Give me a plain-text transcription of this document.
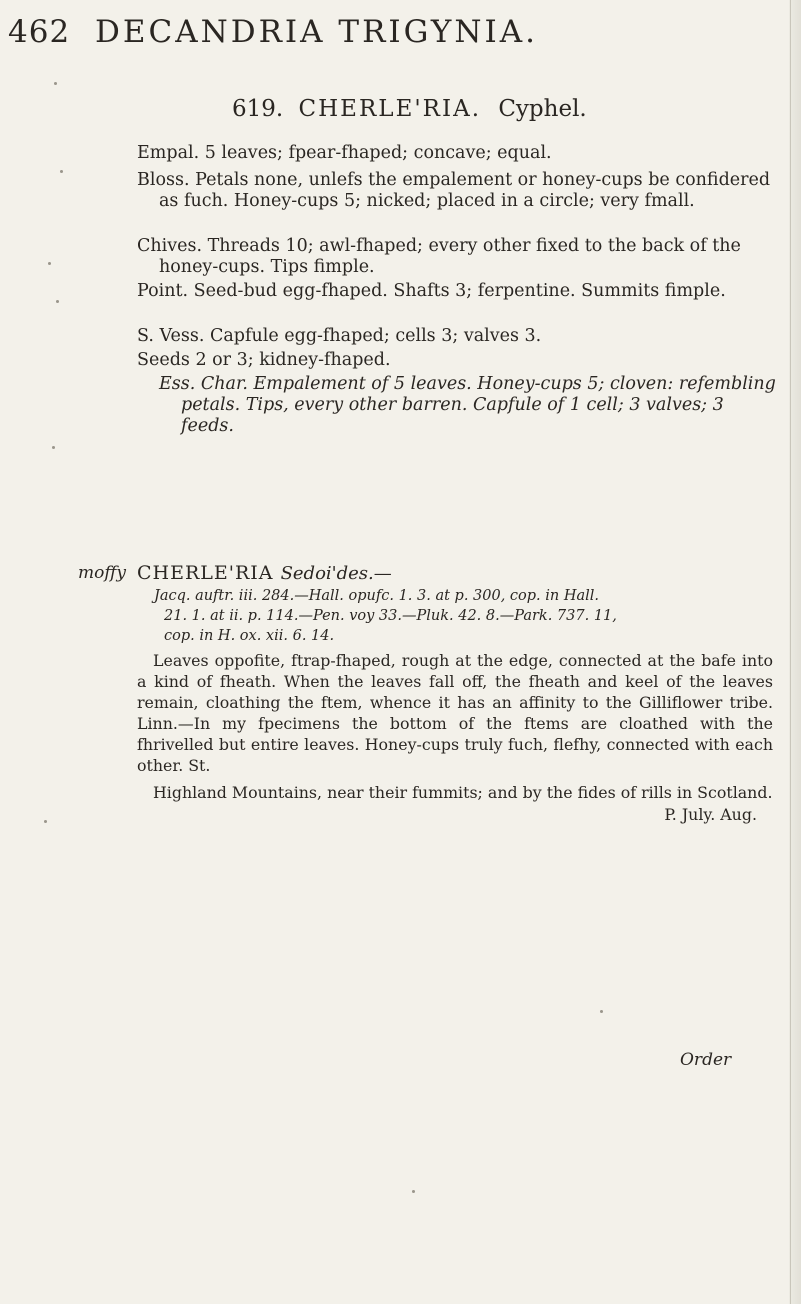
462 DECANDRIA TRIGYNIA.
619. CHERLE'RIA. Cyphel.

Empal. 5 leaves; fpear-fhaped; concave; equal.

Bloss. Petals none, unlefs the empalement or honey-cups be confidered as fuch. Honey-cups 5; nicked; placed in a circle; very fmall.

Chives. Threads 10; awl-fhaped; every other fixed to the back of the honey-cups. Tips fimple.

Point. Seed-bud egg-fhaped. Shafts 3; ferpentine. Summits fimple.

S. Vess. Capfule egg-fhaped; cells 3; valves 3.

Seeds 2 or 3; kidney-fhaped.

Ess. Char. Empalement of 5 leaves. Honey-cups 5; cloven: refembling petals. Tips, every other barren. Capfule of 1 cell; 3 valves; 3 feeds.

moffy CHERLE'RIA Sedoi'des.—

Jacq. auftr. iii. 284.—Hall. opufc. 1. 3. at p. 300, cop. in Hall.

21. 1. at ii. p. 114.—Pen. voy 33.—Pluk. 42. 8.—Park. 737. 11,

cop. in H. ox. xii. 6. 14.

Leaves oppofite, ftrap-fhaped, rough at the edge, connected at the bafe into a kind of fheath. When the leaves fall off, the fheath and keel of the leaves remain, cloathing the ftem, whence it has an affinity to the Gilliflower tribe. Linn.—In my fpecimens the bottom of the ftems are cloathed with the fhrivelled but entire leaves. Honey-cups truly fuch, flefhy, connected with each other. St.

Highland Mountains, near their fummits; and by the fides of rills in Scotland.

P. July. Aug.

Order
